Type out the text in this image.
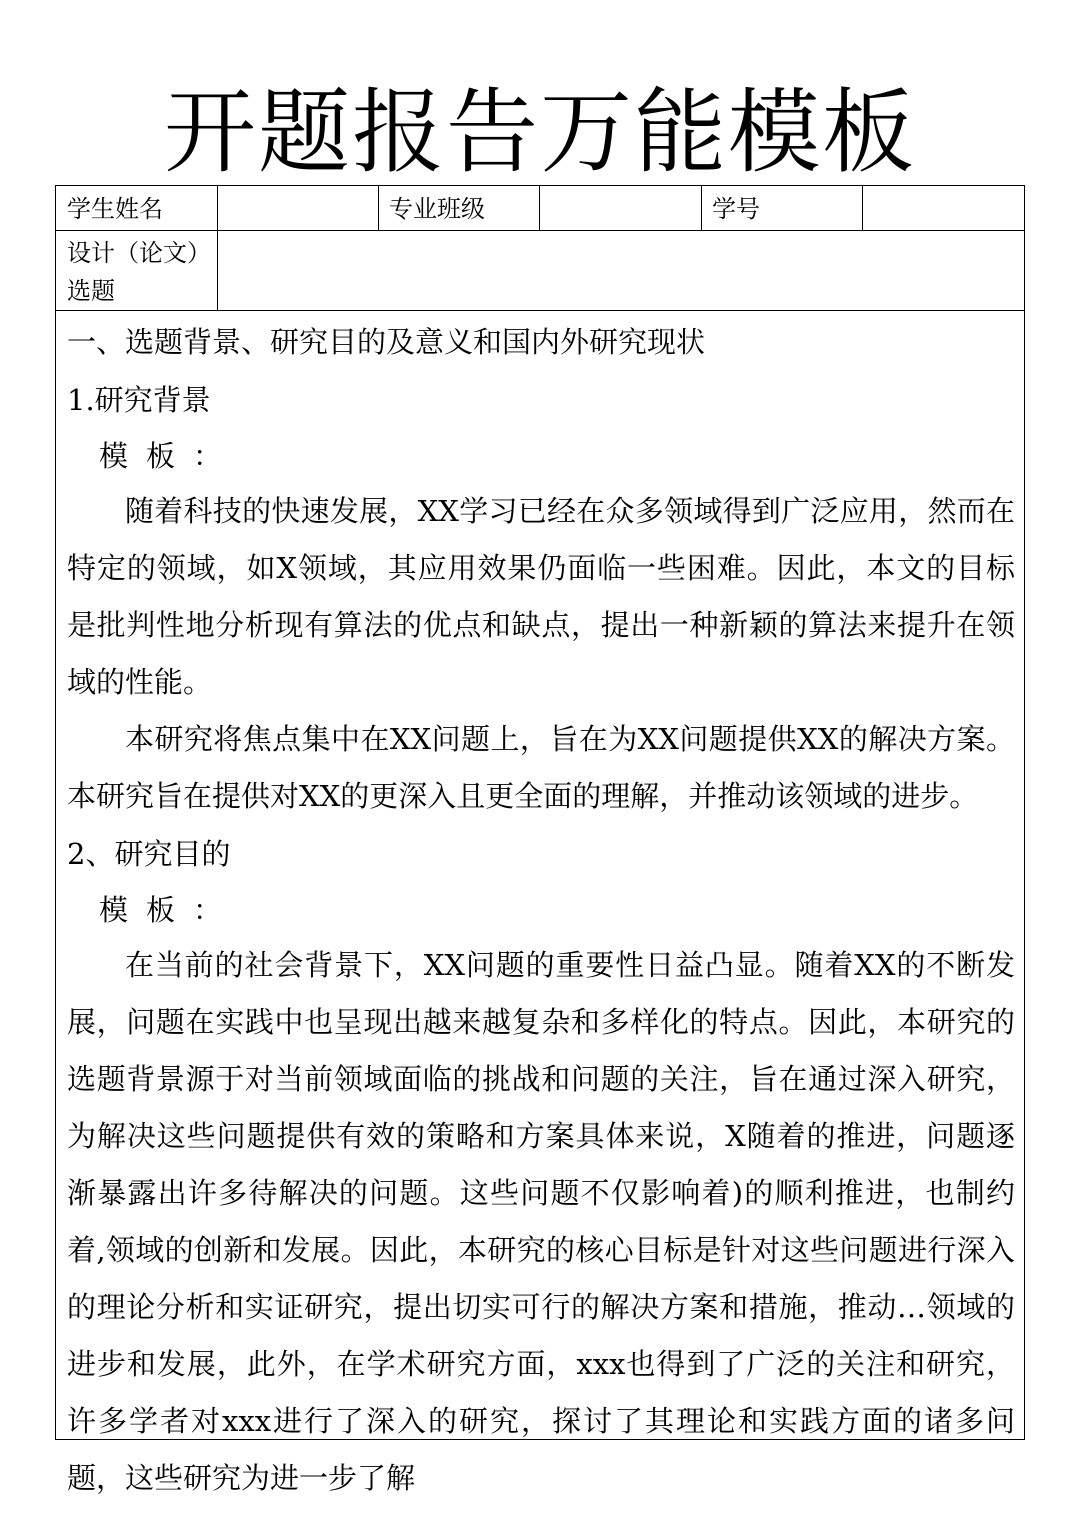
开题报告万能模板
学生姓名	专业班级	学号
设计（论文）
选题
一、选题背景、研究目的及意义和国内外研究现状
1.研究背景
模板：

随着科技的快速发展，XX学习已经在众多领域得到广泛应用，然而在特定的领域，如X领域，其应用效果仍面临一些困难。因此，本文的目标是批判性地分析现有算法的优点和缺点，提出一种新颖的算法来提升在领域的性能。

本研究将焦点集中在XX问题上，旨在为XX问题提供XX的解决方案。本研究旨在提供对XX的更深入且更全面的理解，并推动该领域的进步。

2、研究目的
模板：

在当前的社会背景下，XX问题的重要性日益凸显。随着XX的不断发展，问题在实践中也呈现出越来越复杂和多样化的特点。因此，本研究的选题背景源于对当前领域面临的挑战和问题的关注，旨在通过深入研究，为解决这些问题提供有效的策略和方案具体来说，X随着的推进，问题逐渐暴露出许多待解决的问题。这些问题不仅影响着)的顺利推进，也制约着,领域的创新和发展。因此，本研究的核心目标是针对这些问题进行深入的理论分析和实证研究，提出切实可行的解决方案和措施，推动…领域的进步和发展，此外，在学术研究方面，xxx也得到了广泛的关注和研究，许多学者对xxx进行了深入的研究，探讨了其理论和实践方面的诸多问题，这些研究为进一步了解
